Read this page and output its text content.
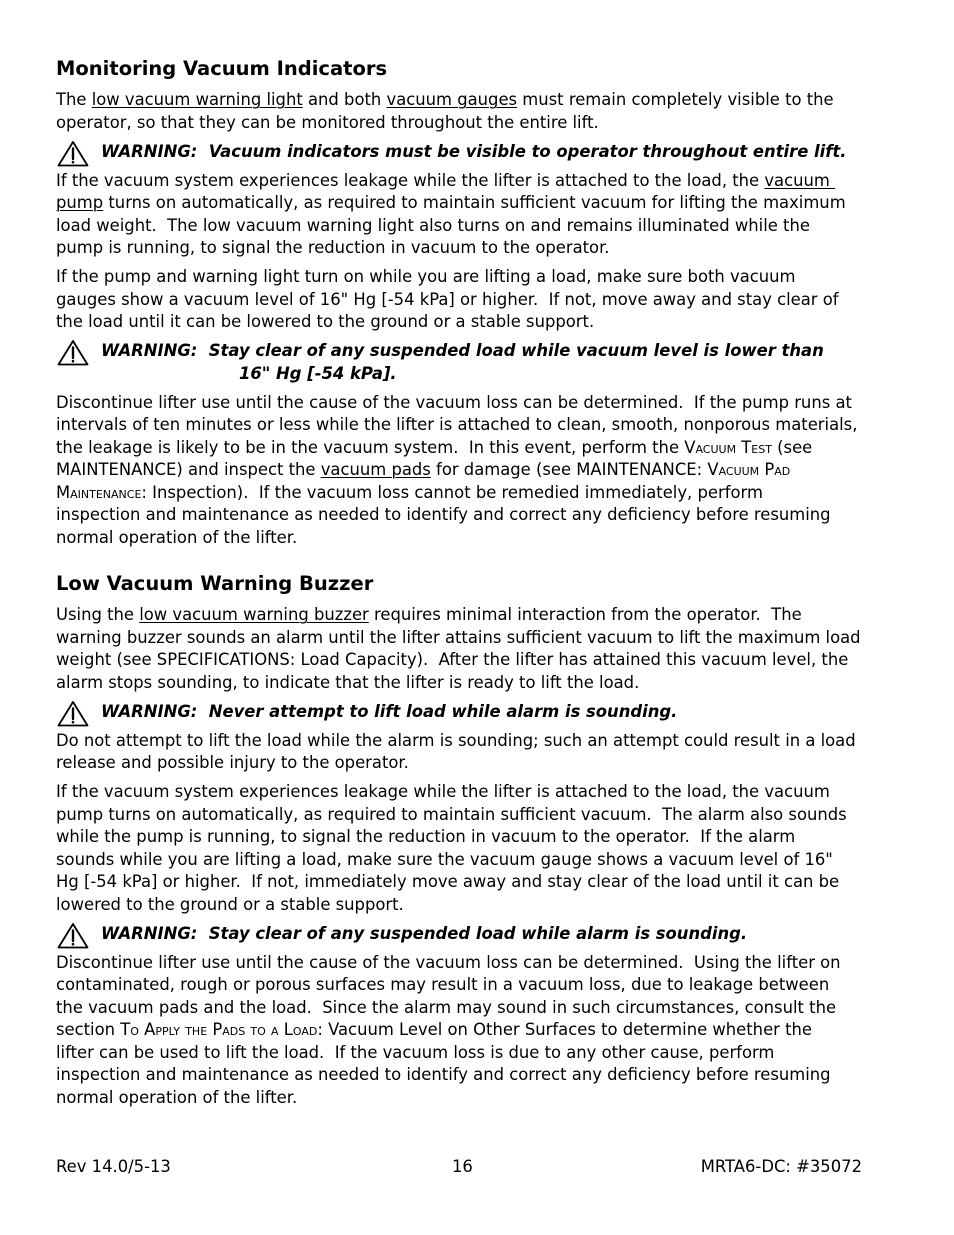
Monitoring Vacuum Indicators
The low vacuum warning light and both vacuum gauges must remain completely visible to the
operator, so that they can be monitored throughout the entire lift.
WARNING:  Vacuum indicators must be visible to operator throughout entire lift.
If the vacuum system experiences leakage while the lifter is attached to the load, the vacuum
pump turns on automatically, as required to maintain sufficient vacuum for lifting the maximum
load weight.  The low vacuum warning light also turns on and remains illuminated while the
pump is running, to signal the reduction in vacuum to the operator.
If the pump and warning light turn on while you are lifting a load, make sure both vacuum
gauges show a vacuum level of 16" Hg [-54 kPa] or higher.  If not, move away and stay clear of
the load until it can be lowered to the ground or a stable support.
WARNING:  Stay clear of any suspended load while vacuum level is lower than
16" Hg [-54 kPa].
Discontinue lifter use until the cause of the vacuum loss can be determined.  If the pump runs at
intervals of ten minutes or less while the lifter is attached to clean, smooth, nonporous materials,
the leakage is likely to be in the vacuum system.  In this event, perform the Vacuum Test (see
MAINTENANCE) and inspect the vacuum pads for damage (see MAINTENANCE: Vacuum Pad
Maintenance: Inspection).  If the vacuum loss cannot be remedied immediately, perform
inspection and maintenance as needed to identify and correct any deficiency before resuming
normal operation of the lifter.
Low Vacuum Warning Buzzer
Using the low vacuum warning buzzer requires minimal interaction from the operator.  The
warning buzzer sounds an alarm until the lifter attains sufficient vacuum to lift the maximum load
weight (see SPECIFICATIONS: Load Capacity).  After the lifter has attained this vacuum level, the
alarm stops sounding, to indicate that the lifter is ready to lift the load.
WARNING:  Never attempt to lift load while alarm is sounding.
Do not attempt to lift the load while the alarm is sounding; such an attempt could result in a load
release and possible injury to the operator.
If the vacuum system experiences leakage while the lifter is attached to the load, the vacuum
pump turns on automatically, as required to maintain sufficient vacuum.  The alarm also sounds
while the pump is running, to signal the reduction in vacuum to the operator.  If the alarm
sounds while you are lifting a load, make sure the vacuum gauge shows a vacuum level of 16"
Hg [-54 kPa] or higher.  If not, immediately move away and stay clear of the load until it can be
lowered to the ground or a stable support.
WARNING:  Stay clear of any suspended load while alarm is sounding.
Discontinue lifter use until the cause of the vacuum loss can be determined.  Using the lifter on
contaminated, rough or porous surfaces may result in a vacuum loss, due to leakage between
the vacuum pads and the load.  Since the alarm may sound in such circumstances, consult the
section To Apply the Pads to a Load: Vacuum Level on Other Surfaces to determine whether the
lifter can be used to lift the load.  If the vacuum loss is due to any other cause, perform
inspection and maintenance as needed to identify and correct any deficiency before resuming
normal operation of the lifter.
Rev 14.0/5-13	16	MRTA6-DC: #35072
